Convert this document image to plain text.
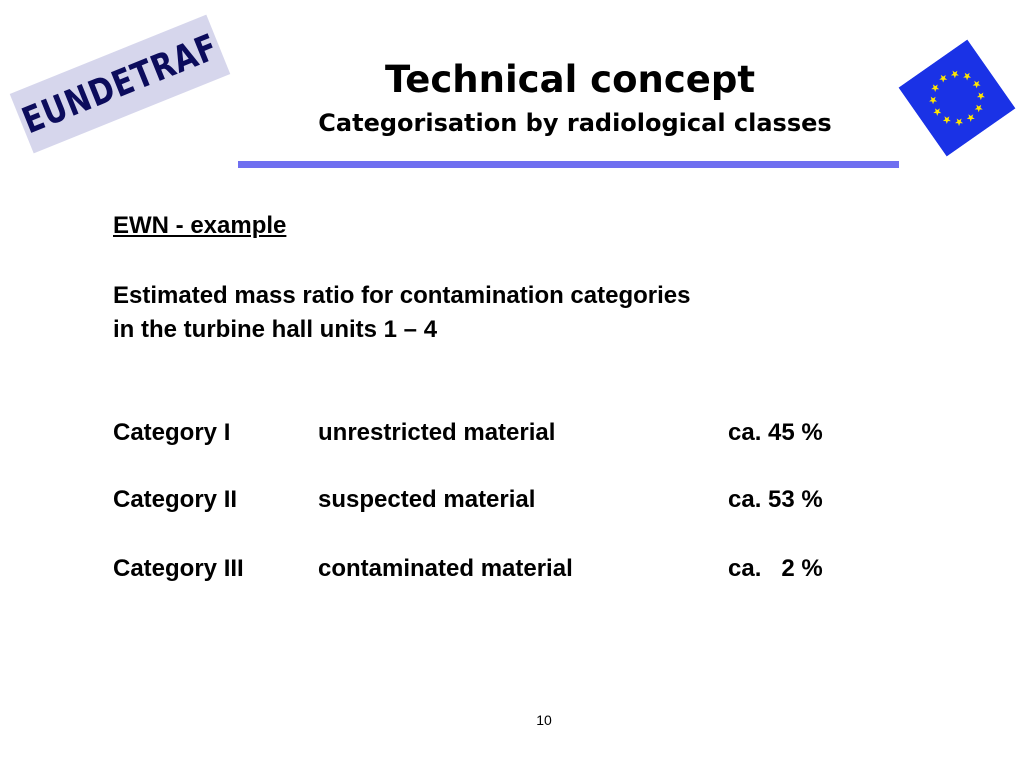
EUNDETRAF	Technical concept
Categorisation by radiological classes

EWN - example

Estimated mass ratio for contamination categories

in the turbine hall units 1 – 4

Category I	unrestricted material	ca. 45 %
Category II	suspected material	ca. 53 %
Category III	contaminated material	ca.   2 %
10
